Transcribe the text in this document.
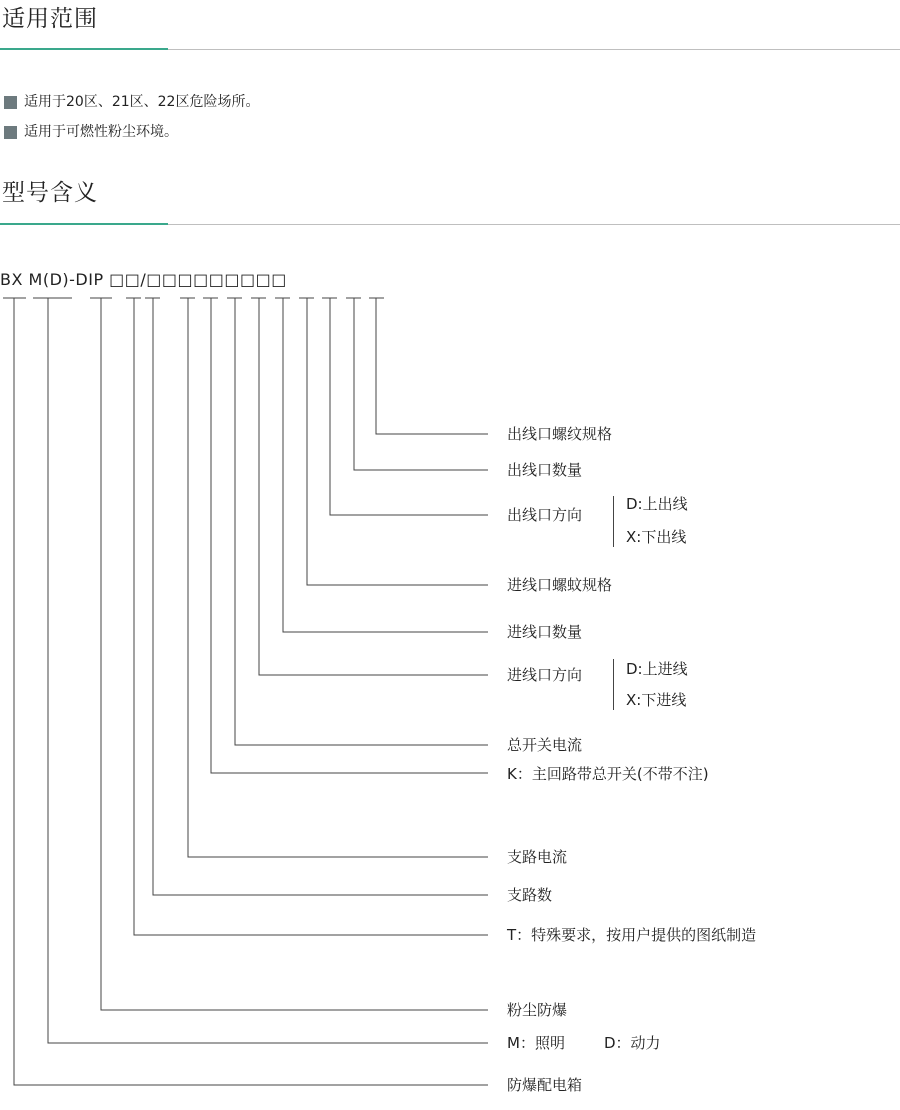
适用范围
适用于20区、21区、22区危险场所。
适用于可燃性粉尘环境。
型号含义
BX M(D)-DIP □□/□□□□□□□□□
出线口螺纹规格
出线口数量
出线口方向
D:上出线
X:下出线
进线口螺蚊规格
进线口数量
进线口方向	D:上进线
X:下进线
总开关电流
K：主回路带总开关(不带不注)
支路电流
支路数
T：特殊要求，按用户提供的图纸制造
粉尘防爆
M：照明	D：动力
防爆配电箱
